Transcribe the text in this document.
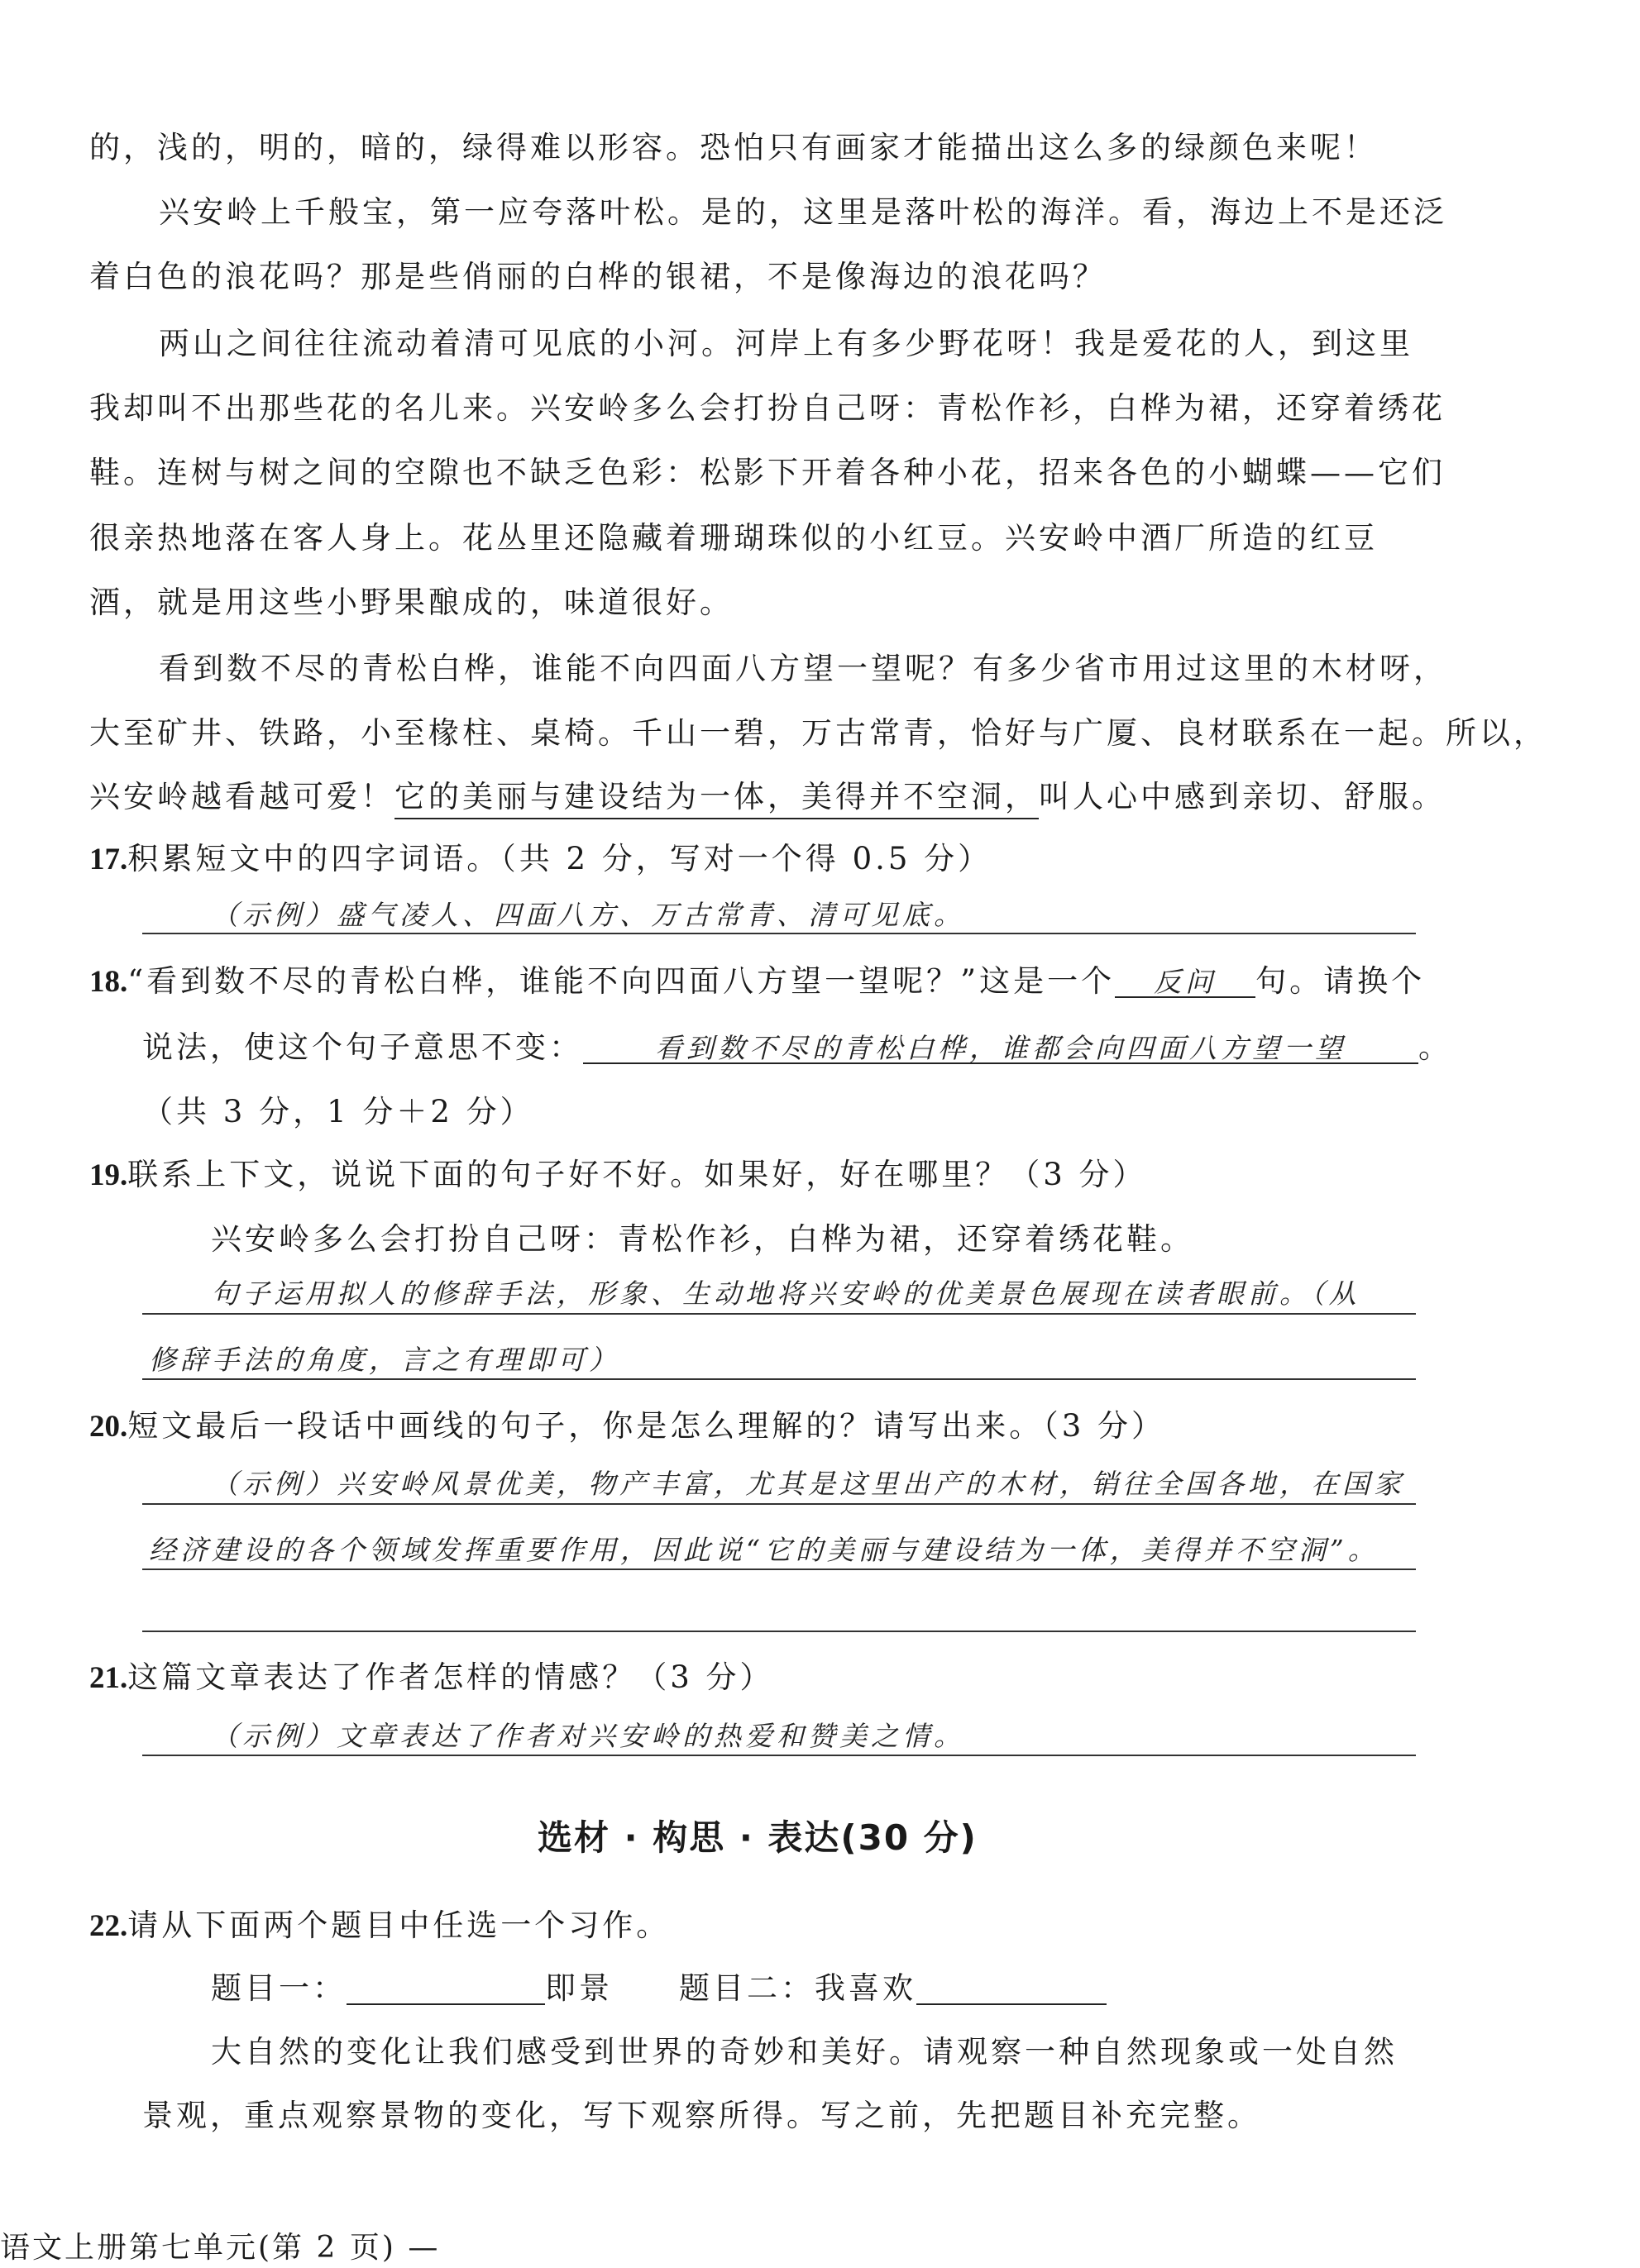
的，浅的，明的，暗的，绿得难以形容。恐怕只有画家才能描出这么多的绿颜色来呢！
兴安岭上千般宝，第一应夸落叶松。是的，这里是落叶松的海洋。看，海边上不是还泛
着白色的浪花吗？那是些俏丽的白桦的银裙，不是像海边的浪花吗？
两山之间往往流动着清可见底的小河。河岸上有多少野花呀！我是爱花的人，到这里
我却叫不出那些花的名儿来。兴安岭多么会打扮自己呀：青松作衫，白桦为裙，还穿着绣花
鞋。连树与树之间的空隙也不缺乏色彩：松影下开着各种小花，招来各色的小蝴蝶——它们
很亲热地落在客人身上。花丛里还隐藏着珊瑚珠似的小红豆。兴安岭中酒厂所造的红豆
酒，就是用这些小野果酿成的，味道很好。
看到数不尽的青松白桦，谁能不向四面八方望一望呢？有多少省市用过这里的木材呀，
大至矿井、铁路，小至椽柱、桌椅。千山一碧，万古常青，恰好与广厦、良材联系在一起。所以，
兴安岭越看越可爱！它的美丽与建设结为一体，美得并不空洞，叫人心中感到亲切、舒服。
17.积累短文中的四字词语。（共 2 分，写对一个得 0.5 分）
（示例）盛气凌人、四面八方、万古常青、清可见底。
18.“看到数不尽的青松白桦，谁能不向四面八方望一望呢？”这是一个 反问 句。请换个
说法，使这个句子意思不变：	看到数不尽的青松白桦，谁都会向四面八方望一望 。
（共 3 分，1 分＋2 分）
19.联系上下文，说说下面的句子好不好。如果好，好在哪里？（3 分）
兴安岭多么会打扮自己呀：青松作衫，白桦为裙，还穿着绣花鞋。
句子运用拟人的修辞手法，形象、生动地将兴安岭的优美景色展现在读者眼前。（从
修辞手法的角度，言之有理即可）
20.短文最后一段话中画线的句子，你是怎么理解的？请写出来。（3 分）
（示例）兴安岭风景优美，物产丰富，尤其是这里出产的木材，销往全国各地，在国家
经济建设的各个领域发挥重要作用，因此说“它的美丽与建设结为一体，美得并不空洞”。
21.这篇文章表达了作者怎样的情感？（3 分）
（示例）文章表达了作者对兴安岭的热爱和赞美之情。
选材 · 构思 · 表达(30 分)
22.请从下面两个题目中任选一个习作。
题目一：	即景 题目二：我喜欢
大自然的变化让我们感受到世界的奇妙和美好。请观察一种自然现象或一处自然
景观，重点观察景物的变化，写下观察所得。写之前，先把题目补充完整。
语文上册第七单元(第 2 页) —
